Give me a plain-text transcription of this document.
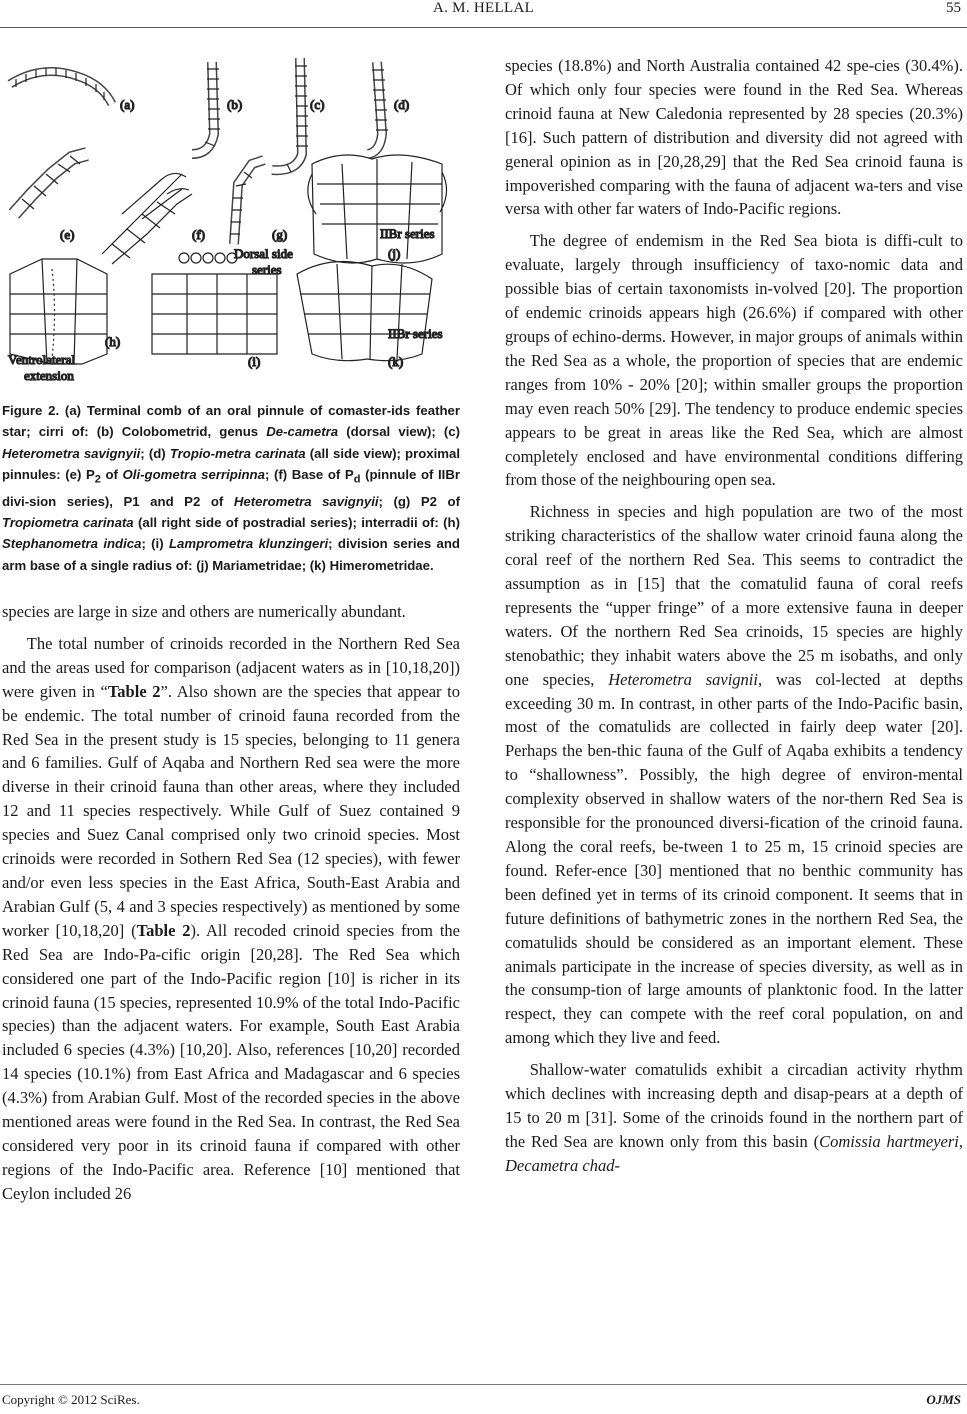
A. M. HELLAL	55
(a)	(b)	(c)	(d)
(e)	(f)	(g)
Dorsal side
series
IIBr series
(j)
(h)
Ventrolateral
extension
(i)
IIBr series
(k)
Figure 2. (a) Terminal comb of an oral pinnule of comaster-ids feather star; cirri of: (b) Colobometrid, genus De-cametra (dorsal view); (c) Heterometra savignyii; (d) Tropio-metra carinata (all side view); proximal pinnules: (e) $P_2$ of Oli-gometra serripinna; (f) Base of $P_d$ (pinnule of IIBr divi-sion series), P1 and P2 of Heterometra savignyii; (g) P2 of Tropiometra carinata (all right side of postradial series); interradii of: (h) Stephanometra indica; (i) Lamprometra klunzingeri; division series and arm base of a single radius of: (j) Mariametridae; (k) Himerometridae.

species are large in size and others are numerically abundant.

The total number of crinoids recorded in the Northern Red Sea and the areas used for comparison (adjacent waters as in [10,18,20]) were given in “Table 2”. Also shown are the species that appear to be endemic. The total number of crinoid fauna recorded from the Red Sea in the present study is 15 species, belonging to 11 genera and 6 families. Gulf of Aqaba and Northern Red sea were the more diverse in their crinoid fauna than other areas, where they included 12 and 11 species respectively. While Gulf of Suez contained 9 species and Suez Canal comprised only two crinoid species. Most crinoids were recorded in Sothern Red Sea (12 species), with fewer and/or even less species in the East Africa, South-East Arabia and Arabian Gulf (5, 4 and 3 species respectively) as mentioned by some worker [10,18,20] (Table 2). All recoded crinoid species from the Red Sea are Indo-Pa-cific origin [20,28]. The Red Sea which considered one part of the Indo-Pacific region [10] is richer in its crinoid fauna (15 species, represented 10.9% of the total Indo-Pacific species) than the adjacent waters. For example, South East Arabia included 6 species (4.3%) [10,20]. Also, references [10,20] recorded 14 species (10.1%) from East Africa and Madagascar and 6 species (4.3%) from Arabian Gulf. Most of the recorded species in the above mentioned areas were found in the Red Sea. In contrast, the Red Sea considered very poor in its crinoid fauna if compared with other regions of the Indo-Pacific area. Reference [10] mentioned that Ceylon included 26

species (18.8%) and North Australia contained 42 spe-cies (30.4%). Of which only four species were found in the Red Sea. Whereas crinoid fauna at New Caledonia represented by 28 species (20.3%) [16]. Such pattern of distribution and diversity did not agreed with general opinion as in [20,28,29] that the Red Sea crinoid fauna is impoverished comparing with the fauna of adjacent wa-ters and vise versa with other far waters of Indo-Pacific regions.

The degree of endemism in the Red Sea biota is diffi-cult to evaluate, largely through insufficiency of taxo-nomic data and possible bias of certain taxonomists in-volved [20]. The proportion of endemic crinoids appears high (26.6%) if compared with other groups of echino-derms. However, in major groups of animals within the Red Sea as a whole, the proportion of species that are endemic ranges from 10% - 20% [20]; within smaller groups the proportion may even reach 50% [29]. The tendency to produce endemic species appears to be great in areas like the Red Sea, which are almost completely enclosed and have environmental conditions differing from those of the neighbouring open sea.

Richness in species and high population are two of the most striking characteristics of the shallow water crinoid fauna along the coral reef of the northern Red Sea. This seems to contradict the assumption as in [15] that the comatulid fauna of coral reefs represents the “upper fringe” of a more extensive fauna in deeper waters. Of the northern Red Sea crinoids, 15 species are highly stenobathic; they inhabit waters above the 25 m isobaths, and only one species, Heterometra savignii, was col-lected at depths exceeding 30 m. In contrast, in other parts of the Indo-Pacific basin, most of the comatulids are collected in fairly deep water [20]. Perhaps the ben-thic fauna of the Gulf of Aqaba exhibits a tendency to “shallowness”. Possibly, the high degree of environ-mental complexity observed in shallow waters of the nor-thern Red Sea is responsible for the pronounced diversi-fication of the crinoid fauna. Along the coral reefs, be-tween 1 to 25 m, 15 crinoid species are found. Refer-ence [30] mentioned that no benthic community has been defined yet in terms of its crinoid component. It seems that in future definitions of bathymetric zones in the northern Red Sea, the comatulids should be considered as an important element. These animals participate in the increase of species diversity, as well as in the consump-tion of large amounts of planktonic food. In the latter respect, they can compete with the reef coral population, on and among which they live and feed.

Shallow-water comatulids exhibit a circadian activity rhythm which declines with increasing depth and disap-pears at a depth of 15 to 20 m [31]. Some of the crinoids found in the northern part of the Red Sea are known only from this basin (Comissia hartmeyeri, Decametra chad-

Copyright © 2012 SciRes.	OJMS
